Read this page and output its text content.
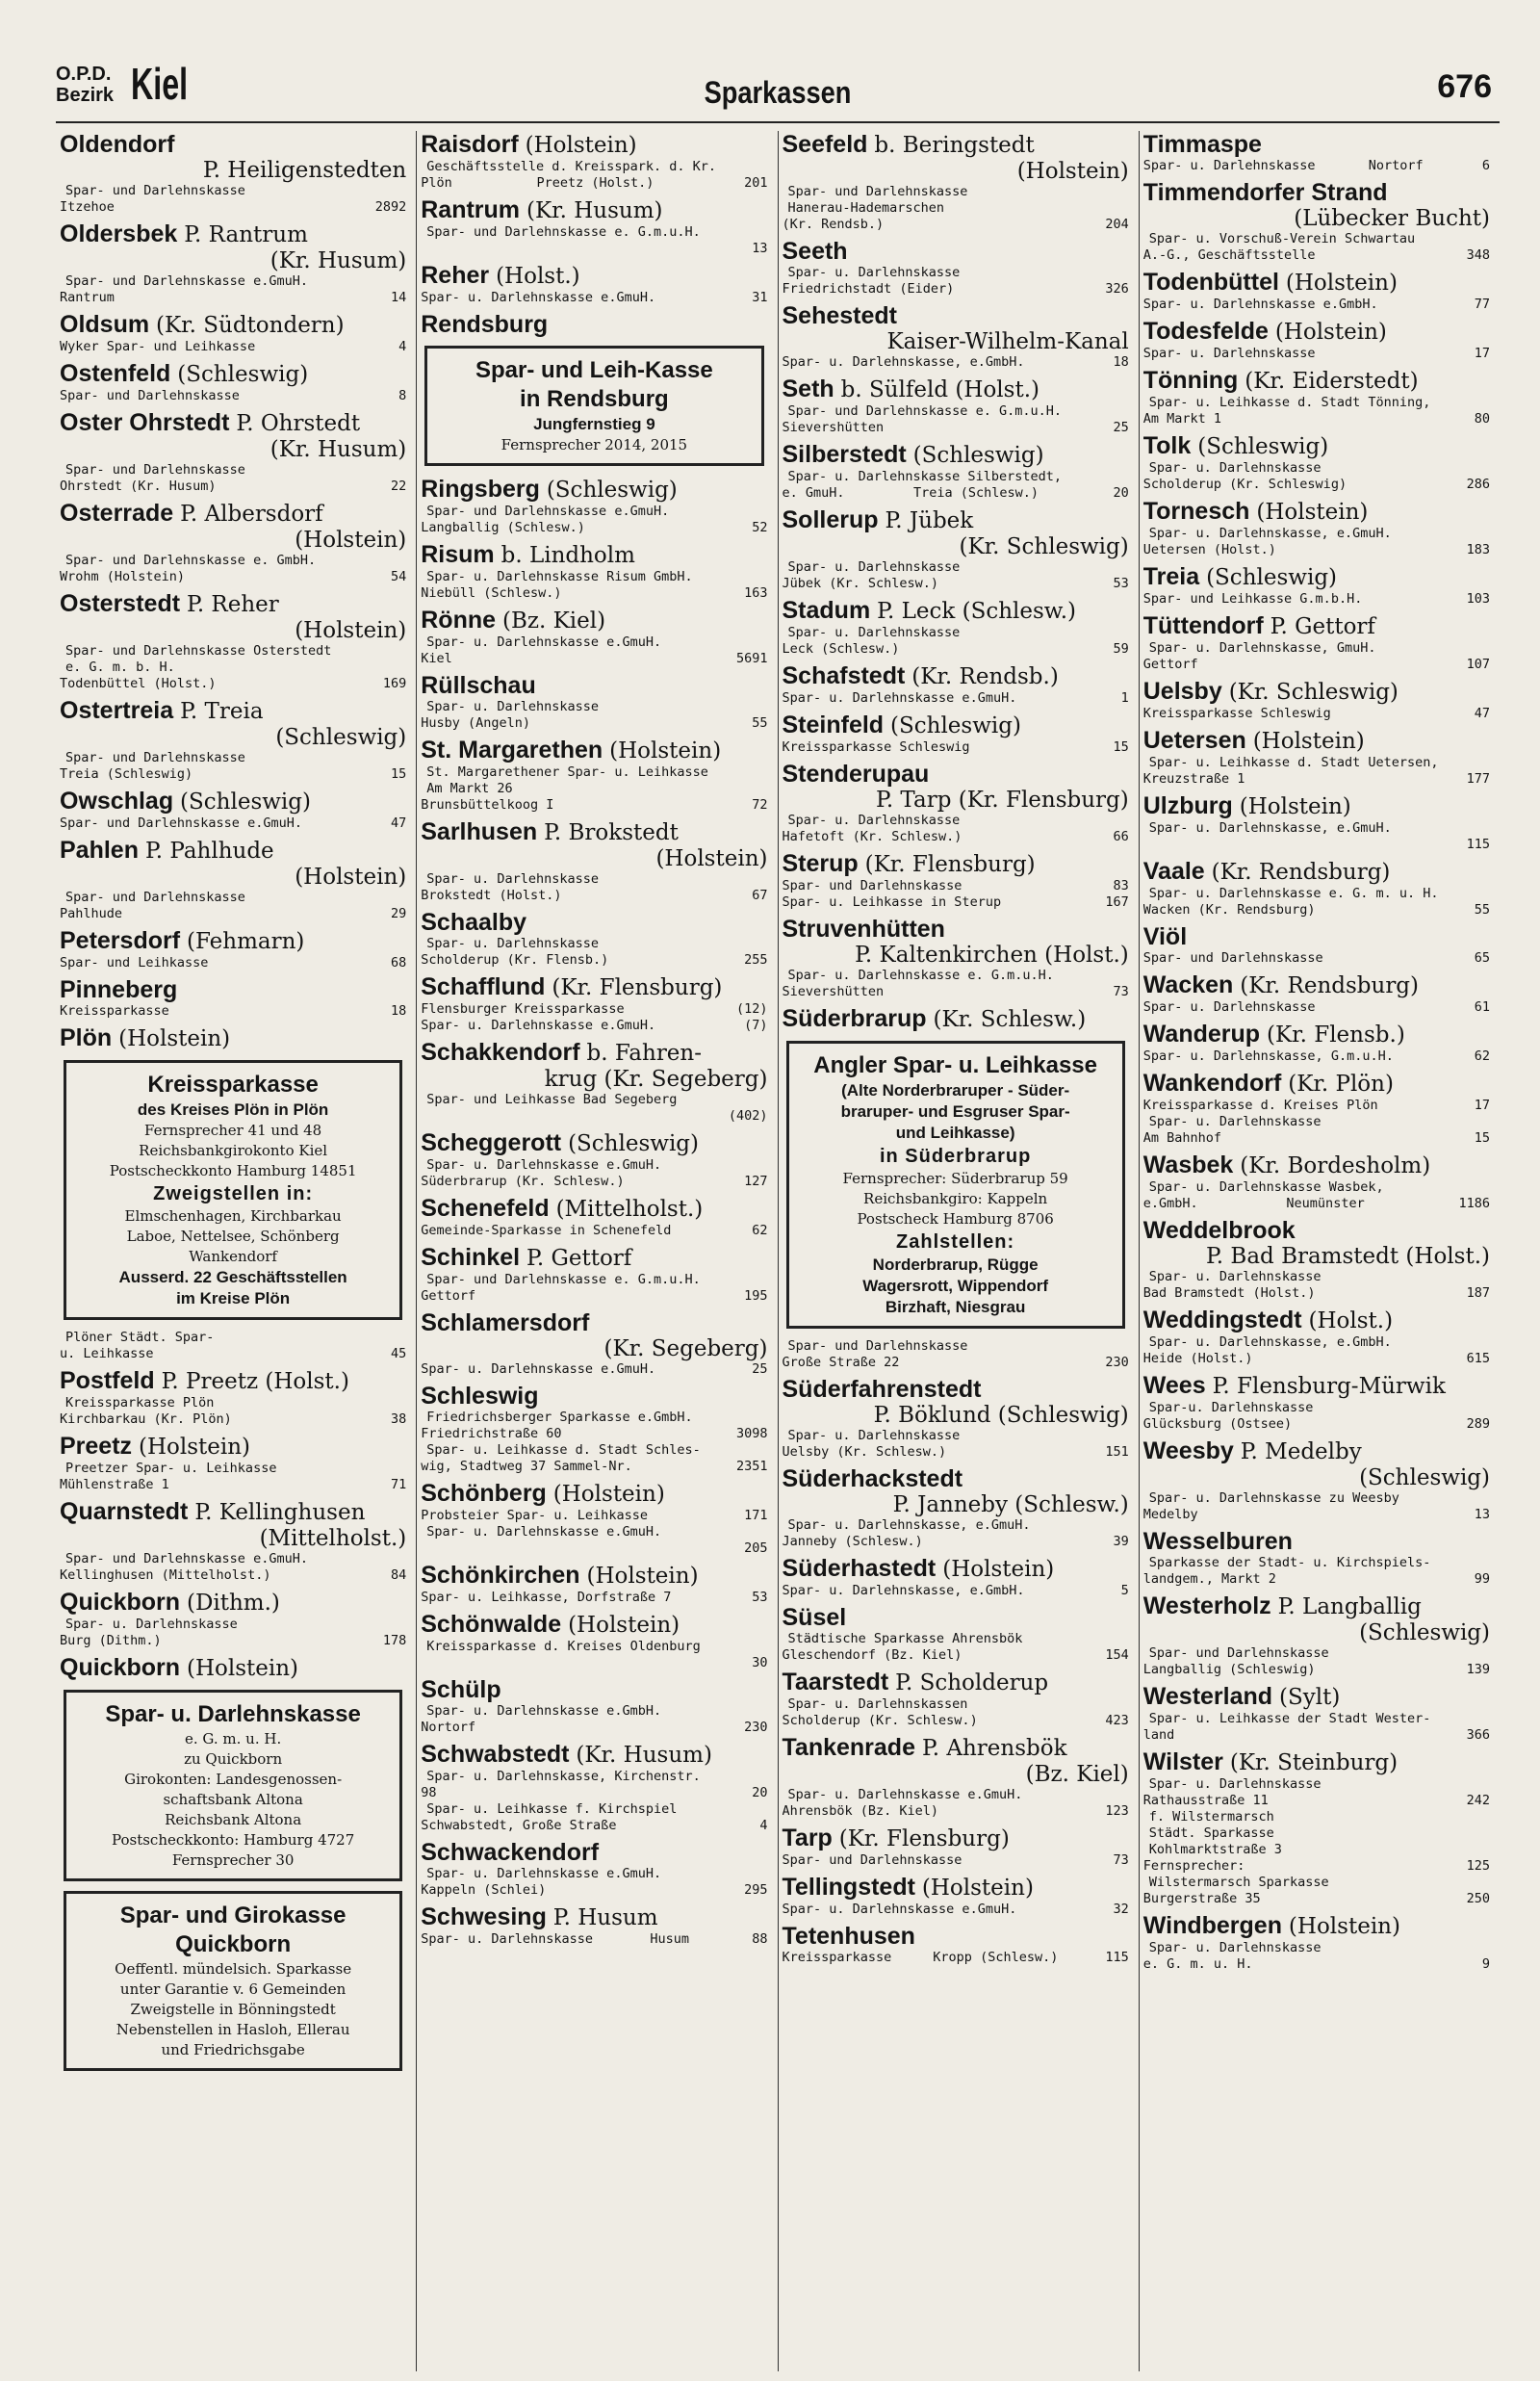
O.P.D.
Bezirk Kiel	Sparkassen	676
Oldendorf
P. Heiligenstedten
Spar- und Darlehnskasse
Itzehoe	2892
Oldersbek P. Rantrum
(Kr. Husum)
Spar- und Darlehnskasse e.GmuH.
Rantrum	14
Oldsum (Kr. Südtondern)
Wyker Spar- und Leihkasse	4
Ostenfeld (Schleswig)
Spar- und Darlehnskasse	8
Oster Ohrstedt P. Ohrstedt
(Kr. Husum)
Spar- und Darlehnskasse
Ohrstedt (Kr. Husum)	22
Osterrade P. Albersdorf
(Holstein)
Spar- und Darlehnskasse e. GmbH.
Wrohm (Holstein)	54
Osterstedt P. Reher
(Holstein)
Spar- und Darlehnskasse Osterstedt
e. G. m. b. H.
Todenbüttel (Holst.)	169
Ostertreia P. Treia
(Schleswig)
Spar- und Darlehnskasse
Treia (Schleswig)	15
Owschlag (Schleswig)
Spar- und Darlehnskasse e.GmuH.	47
Pahlen P. Pahlhude
(Holstein)
Spar- und Darlehnskasse
Pahlhude	29
Petersdorf (Fehmarn)
Spar- und Leihkasse	68
Pinneberg
Kreissparkasse	18
Plön (Holstein)
Kreissparkasse
des Kreises Plön in Plön
Fernsprecher 41 und 48
Reichsbankgirokonto Kiel
Postscheckkonto Hamburg 14851
Zweigstellen in:
Elmschenhagen, Kirchbarkau
Laboe, Nettelsee, Schönberg
Wankendorf
Ausserd. 22 Geschäftsstellen
im Kreise Plön
Plöner Städt. Spar-
u. Leihkasse	45
Postfeld P. Preetz (Holst.)
Kreissparkasse Plön
Kirchbarkau (Kr. Plön)	38
Preetz (Holstein)
Preetzer Spar- u. Leihkasse
Mühlenstraße 1	71
Quarnstedt P. Kellinghusen
(Mittelholst.)
Spar- und Darlehnskasse e.GmuH.
Kellinghusen (Mittelholst.)	84
Quickborn (Dithm.)
Spar- u. Darlehnskasse
Burg (Dithm.)	178
Quickborn (Holstein)
Spar- u. Darlehnskasse
e. G. m. u. H.
zu Quickborn
Girokonten: Landesgenossen-
schaftsbank Altona
Reichsbank Altona
Postscheckkonto: Hamburg 4727
Fernsprecher 30
Spar- und Girokasse
Quickborn
Oeffentl. mündelsich. Sparkasse
unter Garantie v. 6 Gemeinden
Zweigstelle in Bönningstedt
Nebenstellen in Hasloh, Ellerau
und Friedrichsgabe
Raisdorf (Holstein)
Geschäftsstelle d. Kreisspark. d. Kr.
Plön	Preetz (Holst.)	201
Rantrum (Kr. Husum)
Spar- und Darlehnskasse e. G.m.u.H.
13
Reher (Holst.)
Spar- u. Darlehnskasse e.GmuH.	31
Rendsburg
Spar- und Leih-Kasse
in Rendsburg
Jungfernstieg 9
Fernsprecher 2014, 2015
Ringsberg (Schleswig)
Spar- und Darlehnskasse e.GmuH.
Langballig (Schlesw.)	52
Risum b. Lindholm
Spar- u. Darlehnskasse Risum GmbH.
Niebüll (Schlesw.)	163
Rönne (Bz. Kiel)
Spar- u. Darlehnskasse e.GmuH.
Kiel	5691
Rüllschau
Spar- u. Darlehnskasse
Husby (Angeln)	55
St. Margarethen (Holstein)
St. Margarethener Spar- u. Leihkasse
Am Markt 26
Brunsbüttelkoog I	72
Sarlhusen P. Brokstedt
(Holstein)
Spar- u. Darlehnskasse
Brokstedt (Holst.)	67
Schaalby
Spar- u. Darlehnskasse
Scholderup (Kr. Flensb.)	255
Schafflund (Kr. Flensburg)
Flensburger Kreissparkasse	(12)
Spar- u. Darlehnskasse e.GmuH.	(7)
Schakkendorf b. Fahren-
krug (Kr. Segeberg)
Spar- und Leihkasse Bad Segeberg
(402)
Scheggerott (Schleswig)
Spar- u. Darlehnskasse e.GmuH.
Süderbrarup (Kr. Schlesw.)	127
Schenefeld (Mittelholst.)
Gemeinde-Sparkasse in Schenefeld	62
Schinkel P. Gettorf
Spar- und Darlehnskasse e. G.m.u.H.
Gettorf	195
Schlamersdorf
(Kr. Segeberg)
Spar- u. Darlehnskasse e.GmuH.	25
Schleswig
Friedrichsberger Sparkasse e.GmbH.
Friedrichstraße 60	3098
Spar- u. Leihkasse d. Stadt Schles-
wig, Stadtweg 37 Sammel-Nr.	2351
Schönberg (Holstein)
Probsteier Spar- u. Leihkasse	171
Spar- u. Darlehnskasse e.GmuH.
205
Schönkirchen (Holstein)
Spar- u. Leihkasse, Dorfstraße 7	53
Schönwalde (Holstein)
Kreissparkasse d. Kreises Oldenburg
30
Schülp
Spar- u. Darlehnskasse e.GmbH.
Nortorf	230
Schwabstedt (Kr. Husum)
Spar- u. Darlehnskasse, Kirchenstr.
98	20
Spar- u. Leihkasse f. Kirchspiel
Schwabstedt, Große Straße	4
Schwackendorf
Spar- u. Darlehnskasse e.GmuH.
Kappeln (Schlei)	295
Schwesing P. Husum
Spar- u. Darlehnskasse	Husum	88
Seefeld b. Beringstedt
(Holstein)
Spar- und Darlehnskasse
Hanerau-Hademarschen
(Kr. Rendsb.)	204
Seeth
Spar- u. Darlehnskasse
Friedrichstadt (Eider)	326
Sehestedt
Kaiser-Wilhelm-Kanal
Spar- u. Darlehnskasse, e.GmbH.	18
Seth b. Sülfeld (Holst.)
Spar- und Darlehnskasse e. G.m.u.H.
Sievershütten	25
Silberstedt (Schleswig)
Spar- u. Darlehnskasse Silberstedt,
e. GmuH.	Treia (Schlesw.)	20
Sollerup P. Jübek
(Kr. Schleswig)
Spar- u. Darlehnskasse
Jübek (Kr. Schlesw.)	53
Stadum P. Leck (Schlesw.)
Spar- u. Darlehnskasse
Leck (Schlesw.)	59
Schafstedt (Kr. Rendsb.)
Spar- u. Darlehnskasse e.GmuH.	1
Steinfeld (Schleswig)
Kreissparkasse Schleswig	15
Stenderupau
P. Tarp (Kr. Flensburg)
Spar- u. Darlehnskasse
Hafetoft (Kr. Schlesw.)	66
Sterup (Kr. Flensburg)
Spar- und Darlehnskasse	83
Spar- u. Leihkasse in Sterup	167
Struvenhütten
P. Kaltenkirchen (Holst.)
Spar- u. Darlehnskasse e. G.m.u.H.
Sievershütten	73
Süderbrarup (Kr. Schlesw.)
Angler Spar- u. Leihkasse
(Alte Norderbraruper - Süder-
braruper- und Esgruser Spar-
und Leihkasse)
in Süderbrarup
Fernsprecher: Süderbrarup 59
Reichsbankgiro: Kappeln
Postscheck Hamburg 8706
Zahlstellen:
Norderbrarup, Rügge
Wagersrott, Wippendorf
Birzhaft, Niesgrau
Spar- und Darlehnskasse
Große Straße 22	230
Süderfahrenstedt
P. Böklund (Schleswig)
Spar- u. Darlehnskasse
Uelsby (Kr. Schlesw.)	151
Süderhackstedt
P. Janneby (Schlesw.)
Spar- u. Darlehnskasse, e.GmuH.
Janneby (Schlesw.)	39
Süderhastedt (Holstein)
Spar- u. Darlehnskasse, e.GmbH.	5
Süsel
Städtische Sparkasse Ahrensbök
Gleschendorf (Bz. Kiel)	154
Taarstedt P. Scholderup
Spar- u. Darlehnskassen
Scholderup (Kr. Schlesw.)	423
Tankenrade P. Ahrensbök
(Bz. Kiel)
Spar- u. Darlehnskasse e.GmuH.
Ahrensbök (Bz. Kiel)	123
Tarp (Kr. Flensburg)
Spar- und Darlehnskasse	73
Tellingstedt (Holstein)
Spar- u. Darlehnskasse e.GmuH.	32
Tetenhusen
Kreissparkasse	Kropp (Schlesw.)	115
Timmaspe
Spar- u. Darlehnskasse	Nortorf	6
Timmendorfer Strand
(Lübecker Bucht)
Spar- u. Vorschuß-Verein Schwartau
A.-G., Geschäftsstelle	348
Todenbüttel (Holstein)
Spar- u. Darlehnskasse e.GmbH.	77
Todesfelde (Holstein)
Spar- u. Darlehnskasse	17
Tönning (Kr. Eiderstedt)
Spar- u. Leihkasse d. Stadt Tönning,
Am Markt 1	80
Tolk (Schleswig)
Spar- u. Darlehnskasse
Scholderup (Kr. Schleswig)	286
Tornesch (Holstein)
Spar- u. Darlehnskasse, e.GmuH.
Uetersen (Holst.)	183
Treia (Schleswig)
Spar- und Leihkasse G.m.b.H.	103
Tüttendorf P. Gettorf
Spar- u. Darlehnskasse, GmuH.
Gettorf	107
Uelsby (Kr. Schleswig)
Kreissparkasse Schleswig	47
Uetersen (Holstein)
Spar- u. Leihkasse d. Stadt Uetersen,
Kreuzstraße 1	177
Ulzburg (Holstein)
Spar- u. Darlehnskasse, e.GmuH.
115
Vaale (Kr. Rendsburg)
Spar- u. Darlehnskasse e. G. m. u. H.
Wacken (Kr. Rendsburg)	55
Viöl
Spar- und Darlehnskasse	65
Wacken (Kr. Rendsburg)
Spar- u. Darlehnskasse	61
Wanderup (Kr. Flensb.)
Spar- u. Darlehnskasse, G.m.u.H.	62
Wankendorf (Kr. Plön)
Kreissparkasse d. Kreises Plön	17
Spar- u. Darlehnskasse
Am Bahnhof	15
Wasbek (Kr. Bordesholm)
Spar- u. Darlehnskasse Wasbek,
e.GmbH.	Neumünster	1186
Weddelbrook
P. Bad Bramstedt (Holst.)
Spar- u. Darlehnskasse
Bad Bramstedt (Holst.)	187
Weddingstedt (Holst.)
Spar- u. Darlehnskasse, e.GmbH.
Heide (Holst.)	615
Wees P. Flensburg-Mürwik
Spar-u. Darlehnskasse
Glücksburg (Ostsee)	289
Weesby P. Medelby
(Schleswig)
Spar- u. Darlehnskasse zu Weesby
Medelby	13
Wesselburen
Sparkasse der Stadt- u. Kirchspiels-
landgem., Markt 2	99
Westerholz P. Langballig
(Schleswig)
Spar- und Darlehnskasse
Langballig (Schleswig)	139
Westerland (Sylt)
Spar- u. Leihkasse der Stadt Wester-
land	366
Wilster (Kr. Steinburg)
Spar- u. Darlehnskasse
Rathausstraße 11	242
f. Wilstermarsch
Städt. Sparkasse
Kohlmarktstraße 3
Fernsprecher:	125
Wilstermarsch Sparkasse
Burgerstraße 35	250
Windbergen (Holstein)
Spar- u. Darlehnskasse
e. G. m. u. H.	9
